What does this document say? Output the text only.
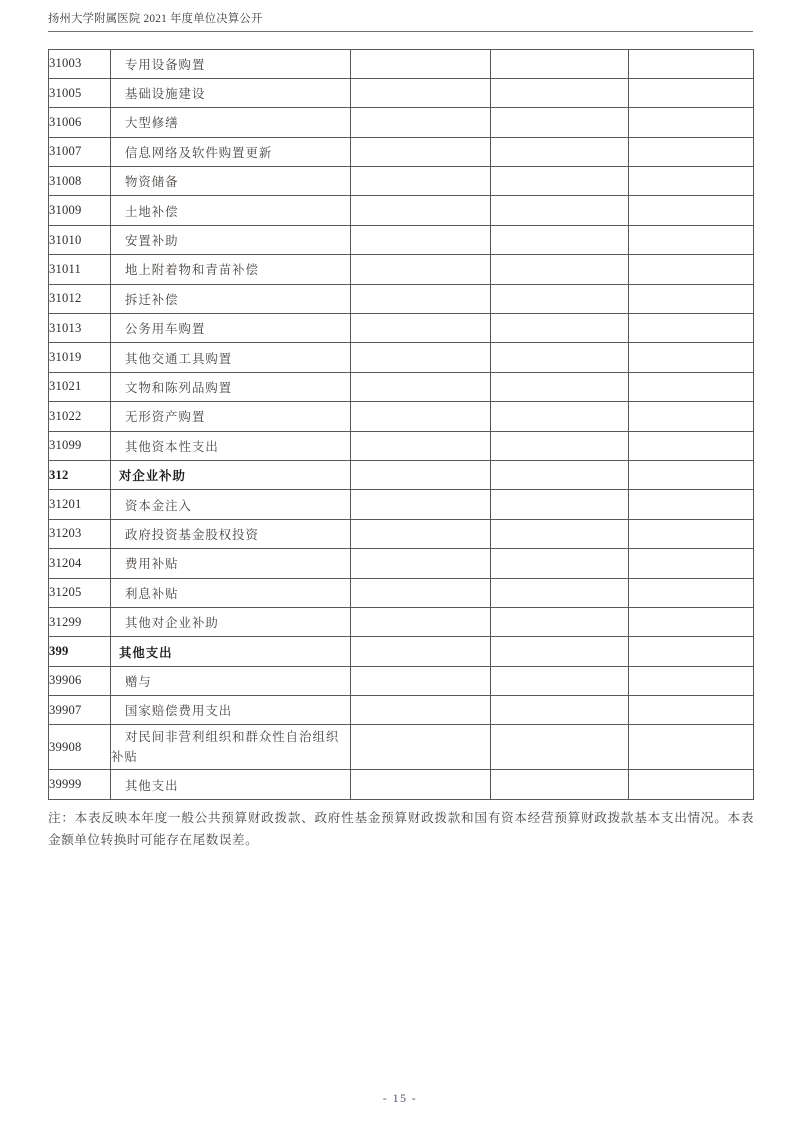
扬州大学附属医院 2021 年度单位决算公开
31003	专用设备购置			
31005	基础设施建设			
31006	大型修缮			
31007	信息网络及软件购置更新			
31008	物资储备			
31009	土地补偿			
31010	安置补助			
31011	地上附着物和青苗补偿			
31012	拆迁补偿			
31013	公务用车购置			
31019	其他交通工具购置			
31021	文物和陈列品购置			
31022	无形资产购置			
31099	其他资本性支出			
312	对企业补助			
31201	资本金注入			
31203	政府投资基金股权投资			
31204	费用补贴			
31205	利息补贴			
31299	其他对企业补助			
399	其他支出			
39906	赠与			
39907	国家赔偿费用支出			
39908	对民间非营利组织和群众性自治组织补贴			

39999	其他支出			
注：本表反映本年度一般公共预算财政拨款、政府性基金预算财政拨款和国有资本经营预算财政拨款基本支出情况。本表金额单位转换时可能存在尾数误差。
- 15 -
